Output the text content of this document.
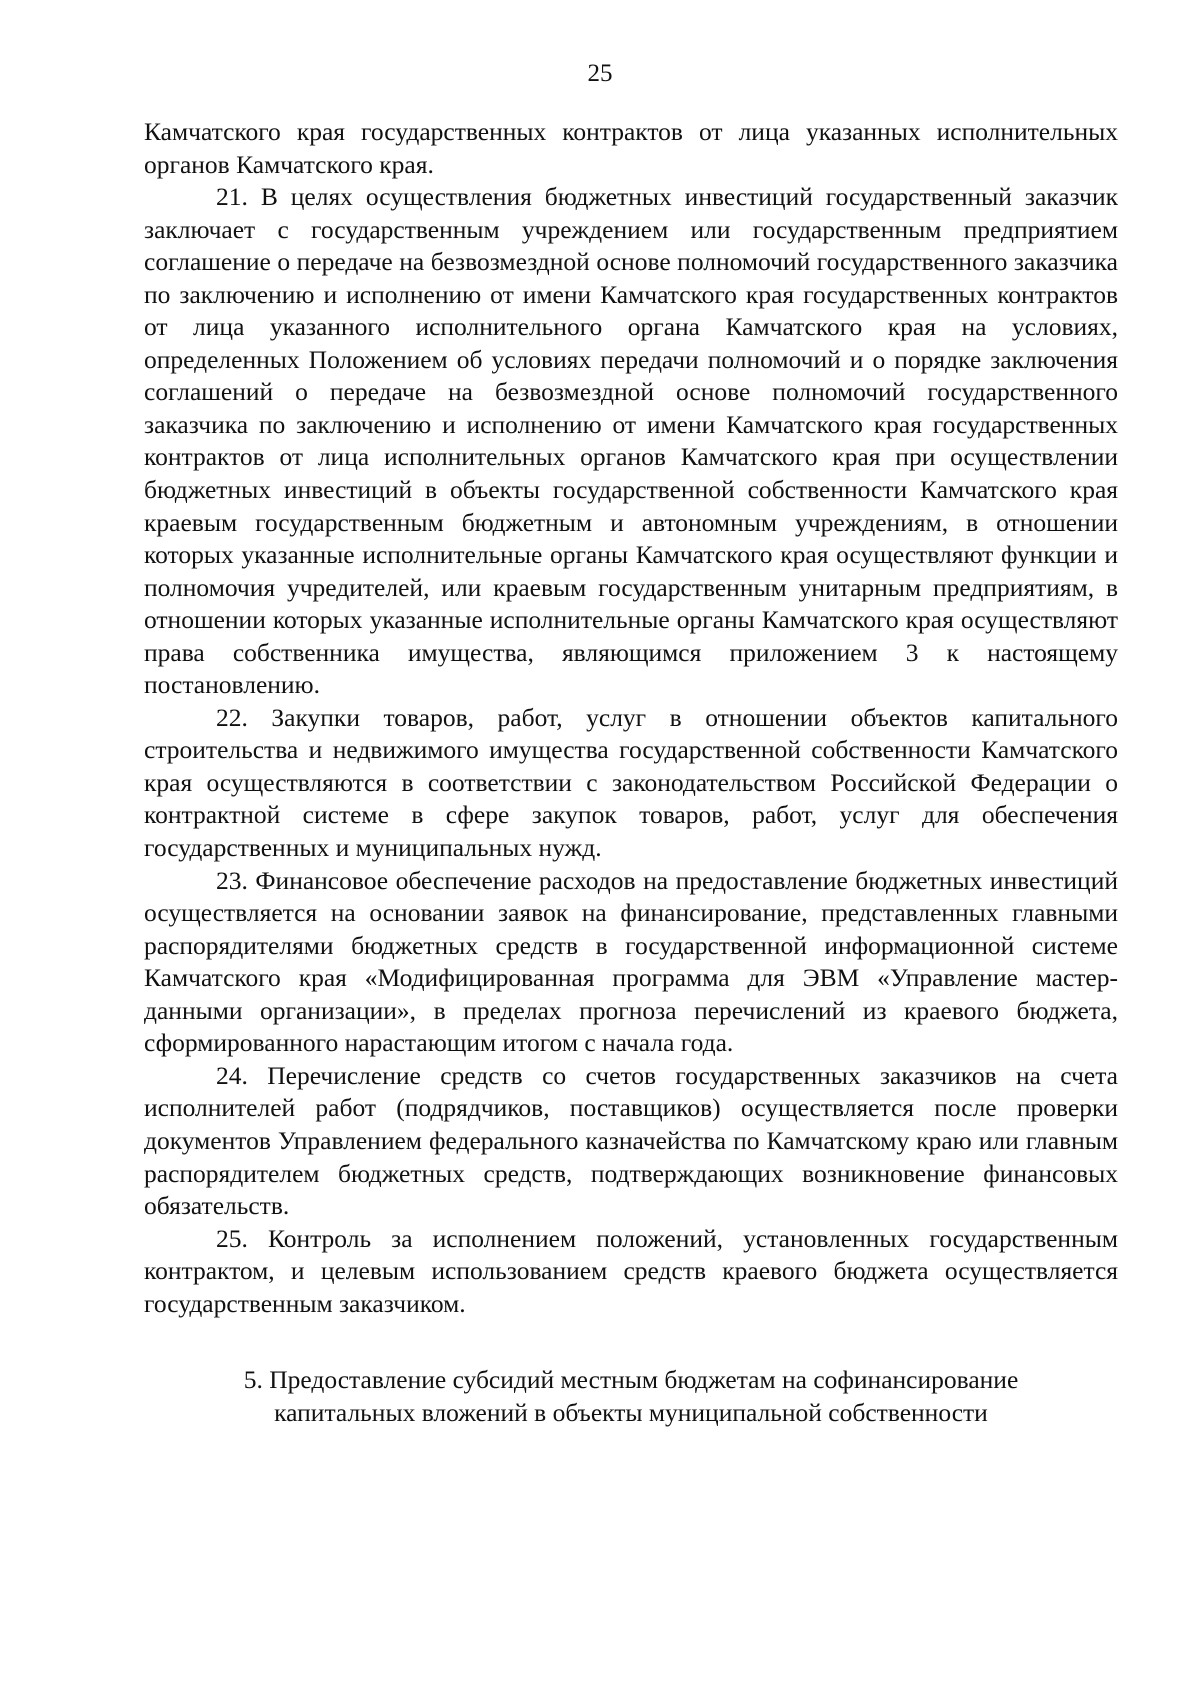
25

Камчатского края государственных контрактов от лица указанных исполнительных органов Камчатского края.

21. В целях осуществления бюджетных инвестиций государственный заказчик заключает с государственным учреждением или государственным предприятием соглашение о передаче на безвозмездной основе полномочий государственного заказчика по заключению и исполнению от имени Камчатского края государственных контрактов от лица указанного исполнительного органа Камчатского края на условиях, определенных Положением об условиях передачи полномочий и о порядке заключения соглашений о передаче на безвозмездной основе полномочий государственного заказчика по заключению и исполнению от имени Камчатского края государственных контрактов от лица исполнительных органов Камчатского края при осуществлении бюджетных инвестиций в объекты государственной собственности Камчатского края краевым государственным бюджетным и автономным учреждениям, в отношении которых указанные исполнительные органы Камчатского края осуществляют функции и полномочия учредителей, или краевым государственным унитарным предприятиям, в отношении которых указанные исполнительные органы Камчатского края осуществляют права собственника имущества, являющимся приложением 3 к настоящему постановлению.

22. Закупки товаров, работ, услуг в отношении объектов капитального строительства и недвижимого имущества государственной собственности Камчатского края осуществляются в соответствии с законодательством Российской Федерации о контрактной системе в сфере закупок товаров, работ, услуг для обеспечения государственных и муниципальных нужд.

23. Финансовое обеспечение расходов на предоставление бюджетных инвестиций осуществляется на основании заявок на финансирование, представленных главными распорядителями бюджетных средств в государственной информационной системе Камчатского края «Модифицированная программа для ЭВМ «Управление мастер-данными организации», в пределах прогноза перечислений из краевого бюджета, сформированного нарастающим итогом с начала года.

24. Перечисление средств со счетов государственных заказчиков на счета исполнителей работ (подрядчиков, поставщиков) осуществляется после проверки документов Управлением федерального казначейства по Камчатскому краю или главным распорядителем бюджетных средств, подтверждающих возникновение финансовых обязательств.

25. Контроль за исполнением положений, установленных государственным контрактом, и целевым использованием средств краевого бюджета осуществляется государственным заказчиком.

5. Предоставление субсидий местным бюджетам на софинансирование
капитальных вложений в объекты муниципальной собственности
